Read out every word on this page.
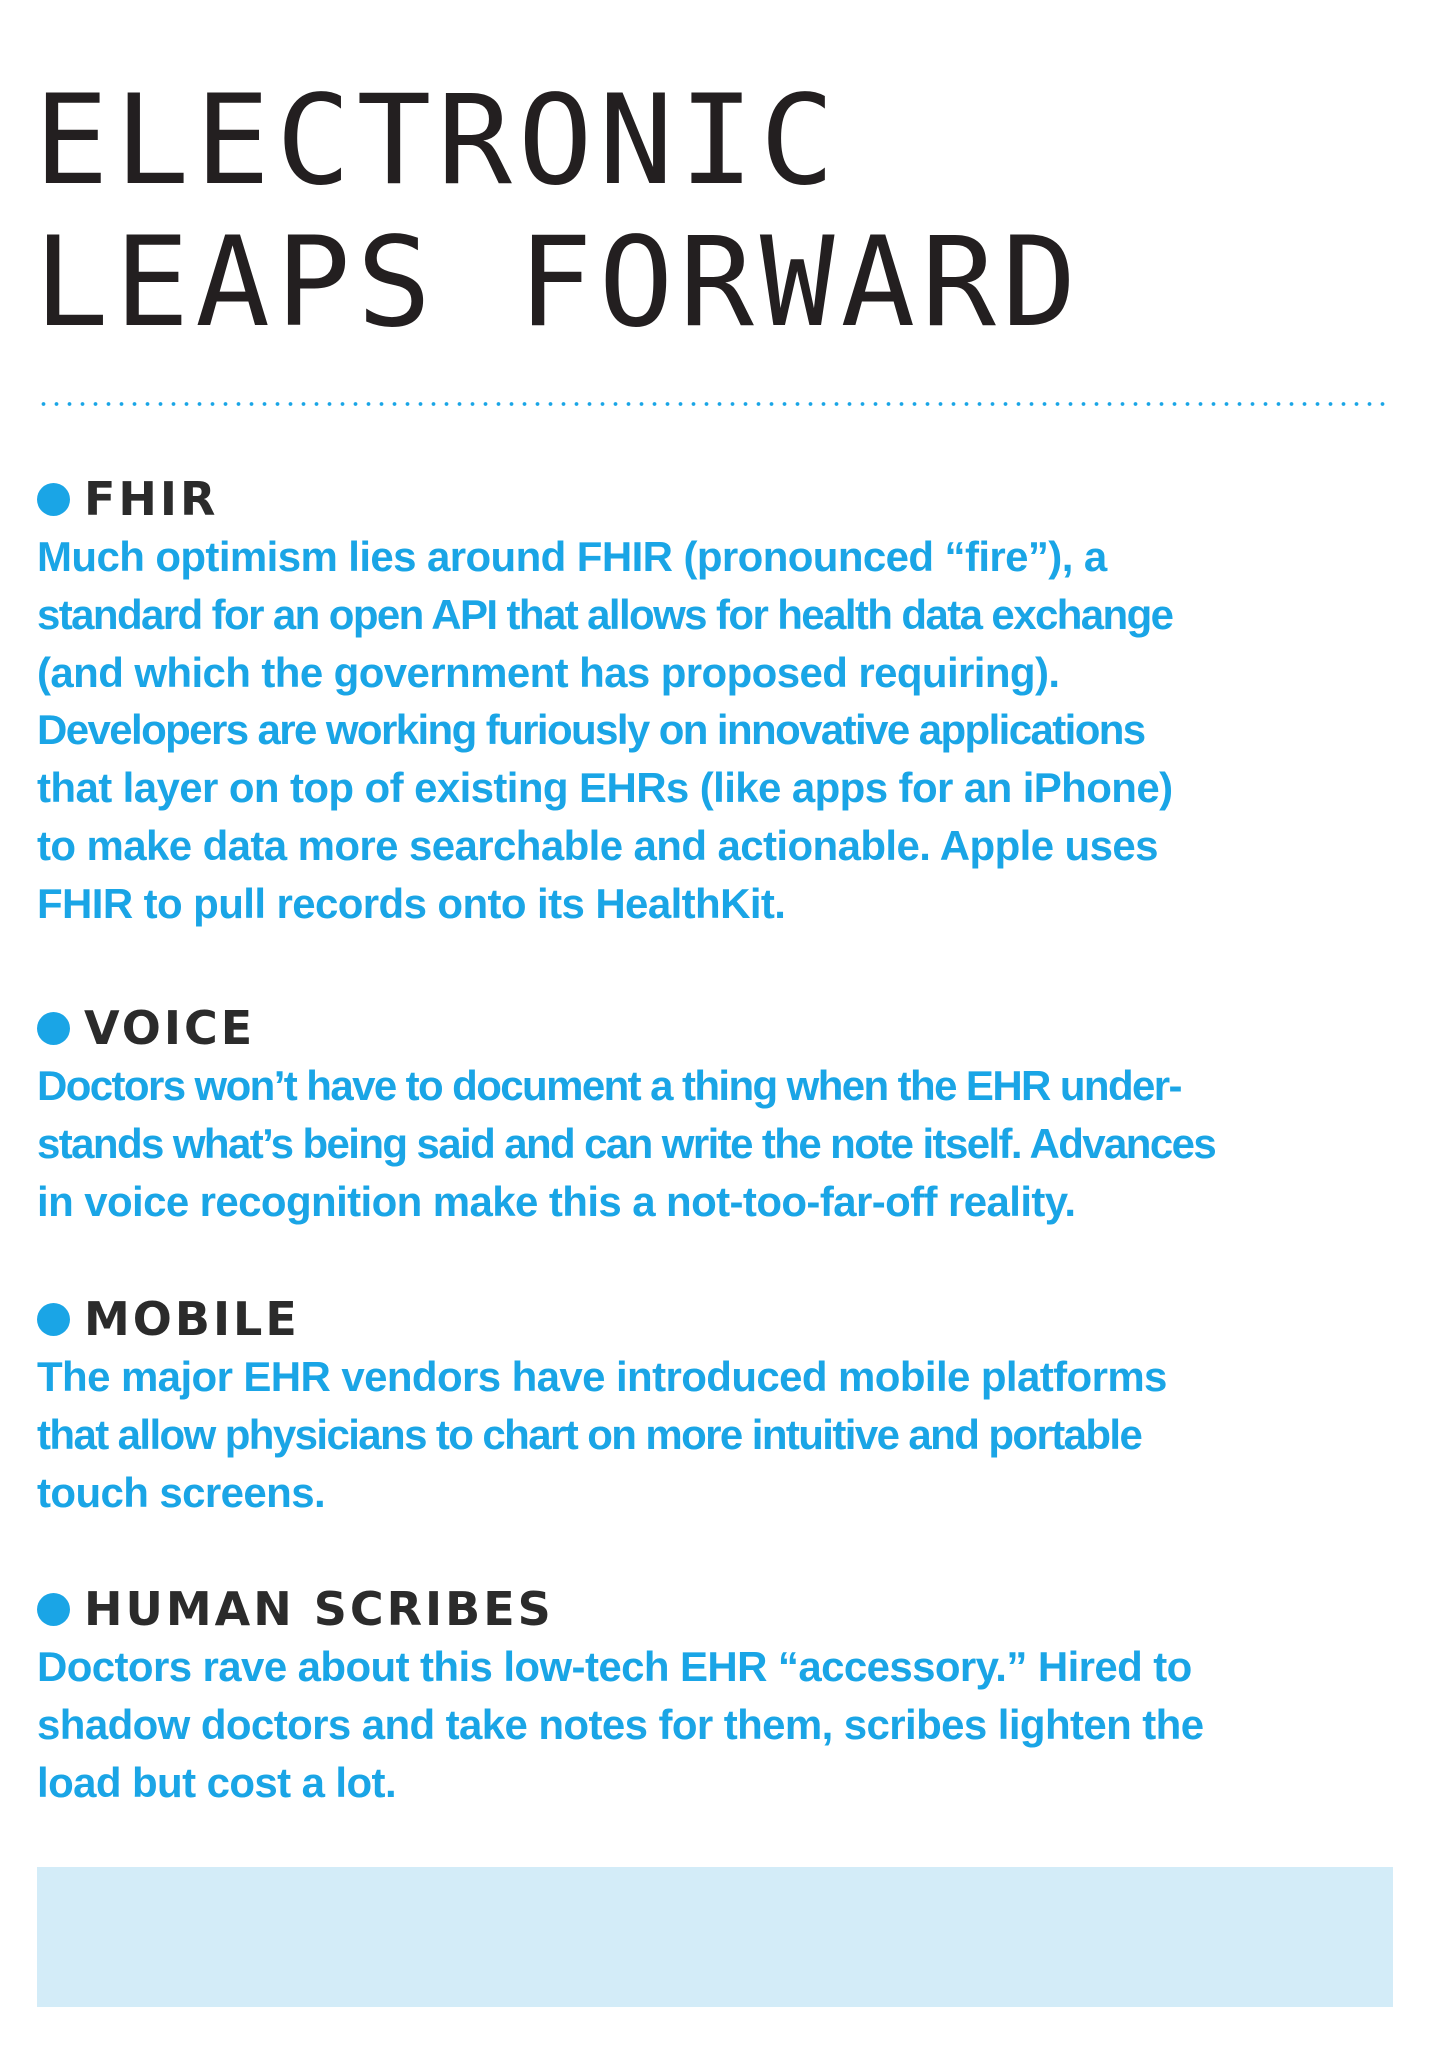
ELECTRONIC
LEAPS FORWARD
FHIR
Much optimism lies around FHIR (pronounced “fire”), a
standard for an open API that allows for health data exchange
(and which the government has proposed requiring).
Developers are working furiously on innovative applications
that layer on top of existing EHRs (like apps for an iPhone)
to make data more searchable and actionable. Apple uses
FHIR to pull records onto its HealthKit.
VOICE
Doctors won’t have to document a thing when the EHR under-
stands what’s being said and can write the note itself. Advances
in voice recognition make this a not-too-far-off reality.
MOBILE
The major EHR vendors have introduced mobile platforms
that allow physicians to chart on more intuitive and portable
touch screens.
HUMAN SCRIBES
Doctors rave about this low-tech EHR “accessory.” Hired to
shadow doctors and take notes for them, scribes lighten the
load but cost a lot.
